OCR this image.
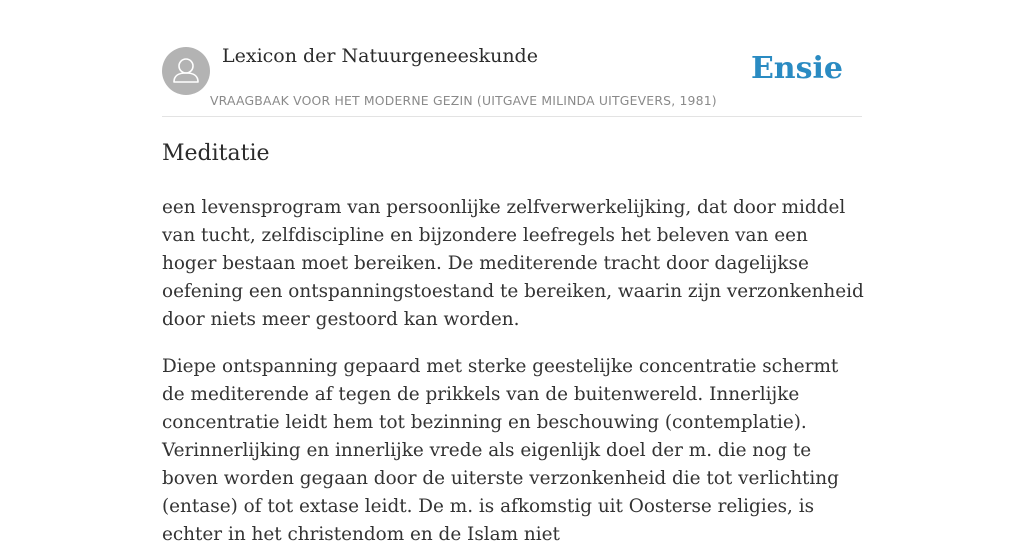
Lexicon der Natuurgeneeskunde
VRAAGBAAK VOOR HET MODERNE GEZIN (UITGAVE MILINDA UITGEVERS, 1981)
Ensie
Meditatie

een levensprogram van persoonlijke zelfverwerkelijking, dat door middel van tucht, zelfdiscipline en bijzondere leefregels het beleven van een hoger bestaan moet bereiken. De mediterende tracht door dagelijkse oefening een ontspanningstoestand te bereiken, waarin zijn verzonkenheid door niets meer gestoord kan worden.

Diepe ontspanning gepaard met sterke geestelijke concentratie schermt de mediterende af tegen de prikkels van de buitenwereld. Innerlijke concentratie leidt hem tot bezinning en beschouwing (contemplatie). Verinnerlijking en innerlijke vrede als eigenlijk doel der m. die nog te boven worden gegaan door de uiterste verzonkenheid die tot verlichting (entase) of tot extase leidt. De m. is afkomstig uit Oosterse religies, is echter in het christendom en de Islam niet
